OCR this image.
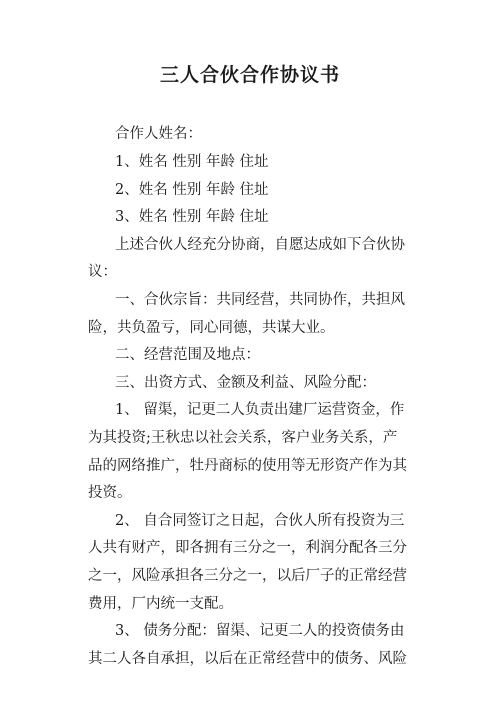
三人合伙合作协议书

合作人姓名：

1、姓名 性别 年龄 住址

2、姓名 性别 年龄 住址

3、姓名 性别 年龄 住址

上述合伙人经充分协商，自愿达成如下合伙协

议：

一、合伙宗旨：共同经营，共同协作，共担风

险，共负盈亏，同心同德，共谋大业。

二、经营范围及地点：

三、出资方式、金额及利益、风险分配：

1、 留渠，记更二人负责出建厂运营资金，作

为其投资;王秋忠以社会关系，客户业务关系，产

品的网络推广，牡丹商标的使用等无形资产作为其

投资。

2、 自合同签订之日起，合伙人所有投资为三

人共有财产，即各拥有三分之一，利润分配各三分

之一，风险承担各三分之一，以后厂子的正常经营

费用，厂内统一支配。

3、 债务分配：留渠、记更二人的投资债务由

其二人各自承担，以后在正常经营中的债务、风险
